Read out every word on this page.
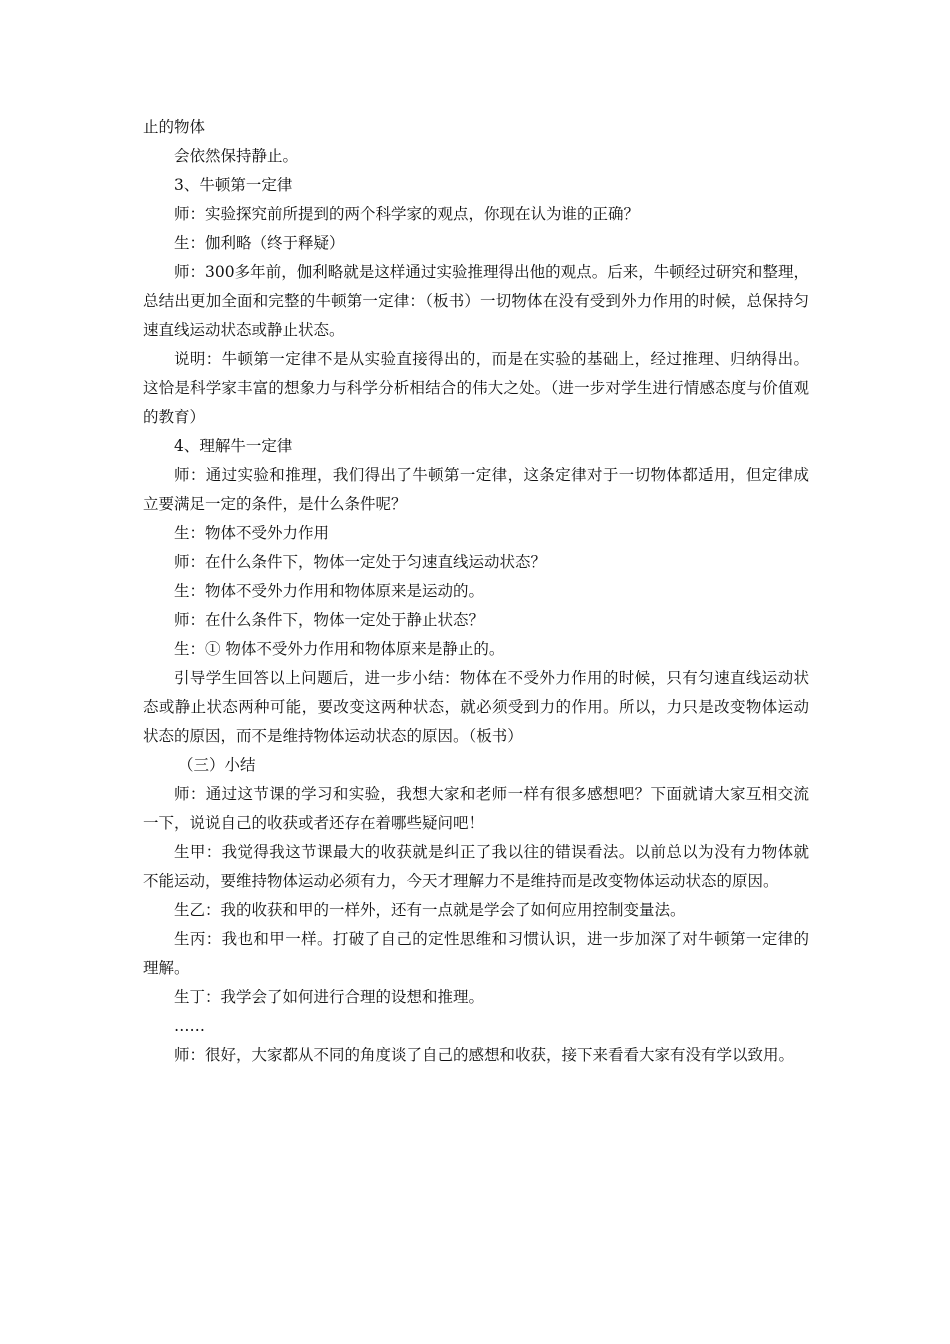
止的物体

会依然保持静止。

3、牛顿第一定律

师：实验探究前所提到的两个科学家的观点，你现在认为谁的正确？

生：伽利略（终于释疑）

师：300多年前，伽利略就是这样通过实验推理得出他的观点。后来，牛顿经过研究和整理，总结出更加全面和完整的牛顿第一定律：（板书）一切物体在没有受到外力作用的时候，总保持匀速直线运动状态或静止状态。

说明：牛顿第一定律不是从实验直接得出的，而是在实验的基础上，经过推理、归纳得出。这恰是科学家丰富的想象力与科学分析相结合的伟大之处。（进一步对学生进行情感态度与价值观的教育）

4、理解牛一定律

师：通过实验和推理，我们得出了牛顿第一定律，这条定律对于一切物体都适用，但定律成立要满足一定的条件，是什么条件呢？

生：物体不受外力作用

师：在什么条件下，物体一定处于匀速直线运动状态？

生：物体不受外力作用和物体原来是运动的。

师：在什么条件下，物体一定处于静止状态？

生：① 物体不受外力作用和物体原来是静止的。

引导学生回答以上问题后，进一步小结：物体在不受外力作用的时候，只有匀速直线运动状态或静止状态两种可能，要改变这两种状态，就必须受到力的作用。所以，力只是改变物体运动状态的原因，而不是维持物体运动状态的原因。（板书）

（三）小结

师：通过这节课的学习和实验，我想大家和老师一样有很多感想吧？下面就请大家互相交流一下，说说自己的收获或者还存在着哪些疑问吧！

生甲：我觉得我这节课最大的收获就是纠正了我以往的错误看法。以前总以为没有力物体就不能运动，要维持物体运动必须有力，今天才理解力不是维持而是改变物体运动状态的原因。

生乙：我的收获和甲的一样外，还有一点就是学会了如何应用控制变量法。

生丙：我也和甲一样。打破了自己的定性思维和习惯认识，进一步加深了对牛顿第一定律的理解。

生丁：我学会了如何进行合理的设想和推理。

……

师：很好，大家都从不同的角度谈了自己的感想和收获，接下来看看大家有没有学以致用。
